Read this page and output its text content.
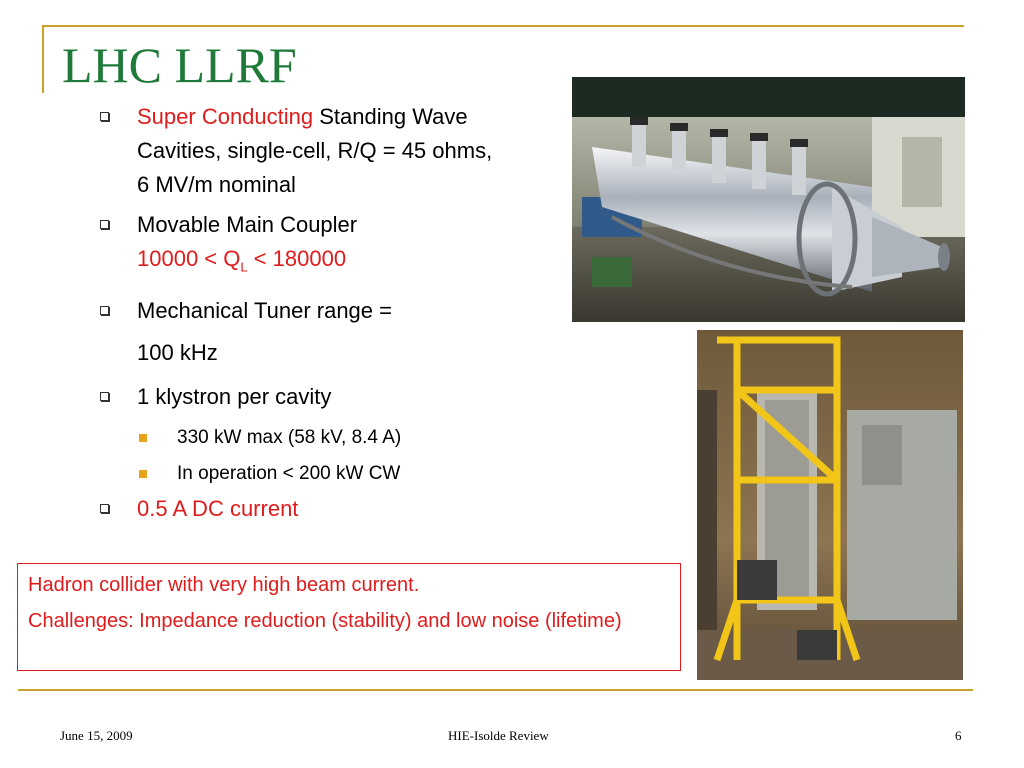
LHC LLRF
Super Conducting Standing Wave Cavities, single-cell, R/Q = 45 ohms, 6 MV/m nominal
Movable Main Coupler
$10000 < Q_L < 180000$
Mechanical Tuner range =
100 kHz
1 klystron per cavity
330 kW max (58 kV, 8.4 A)
In operation < 200 kW CW
0.5 A DC current

Hadron collider with very high beam current.

Challenges: Impedance reduction (stability) and low noise (lifetime)

June 15, 2009	HIE-Isolde Review	6
